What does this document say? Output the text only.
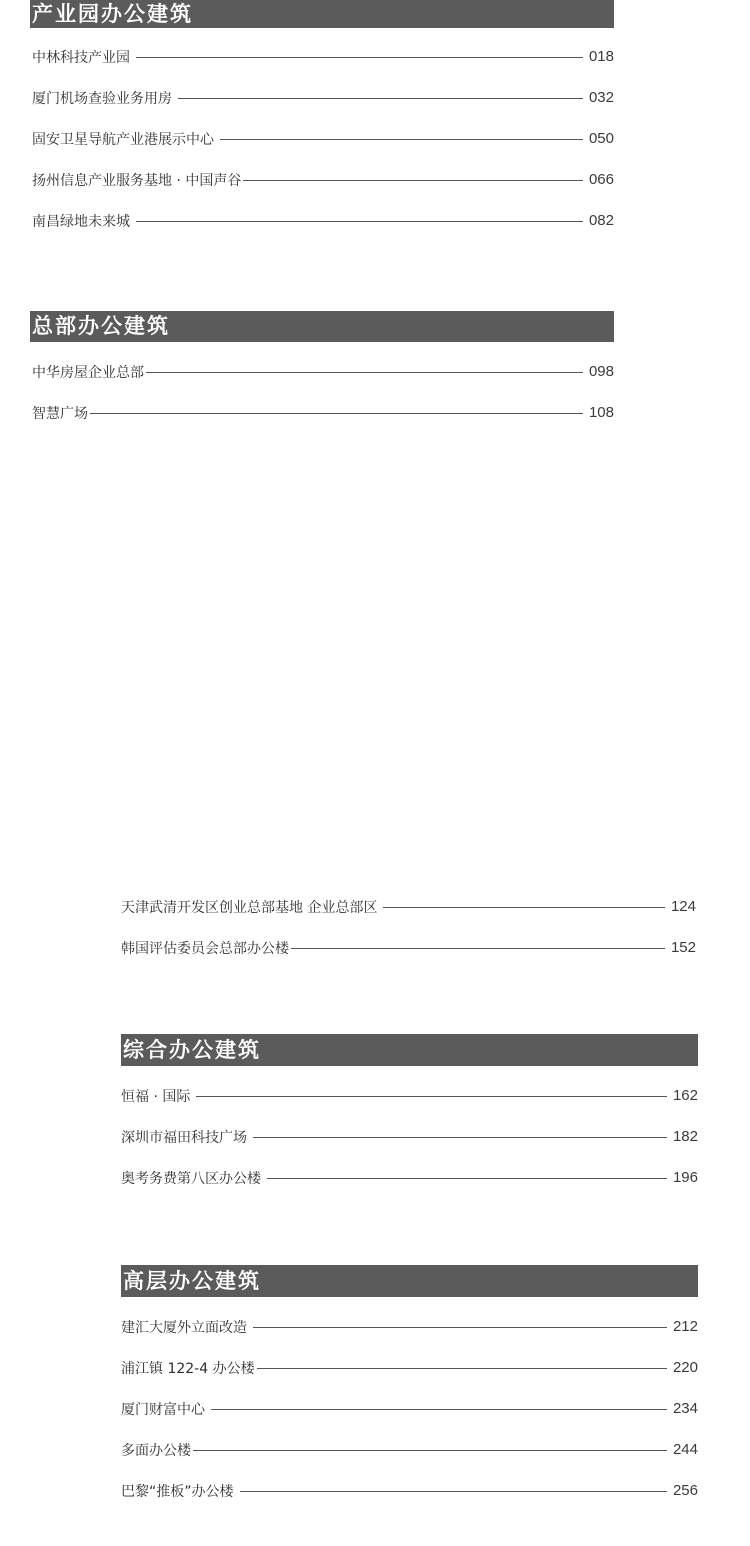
产业园办公建筑
中林科技产业园	018
厦门机场查验业务用房	032
固安卫星导航产业港展示中心	050
扬州信息产业服务基地 · 中国声谷	066
南昌绿地未来城	082
总部办公建筑
中华房屋企业总部	098
智慧广场	108
天津武清开发区创业总部基地 企业总部区	124
韩国评估委员会总部办公楼	152
综合办公建筑
恒福 · 国际	162
深圳市福田科技广场	182
奥考务费第八区办公楼	196
高层办公建筑
建汇大厦外立面改造	212
浦江镇 122-4 办公楼	220
厦门财富中心	234
多面办公楼	244
巴黎“推板”办公楼	256
